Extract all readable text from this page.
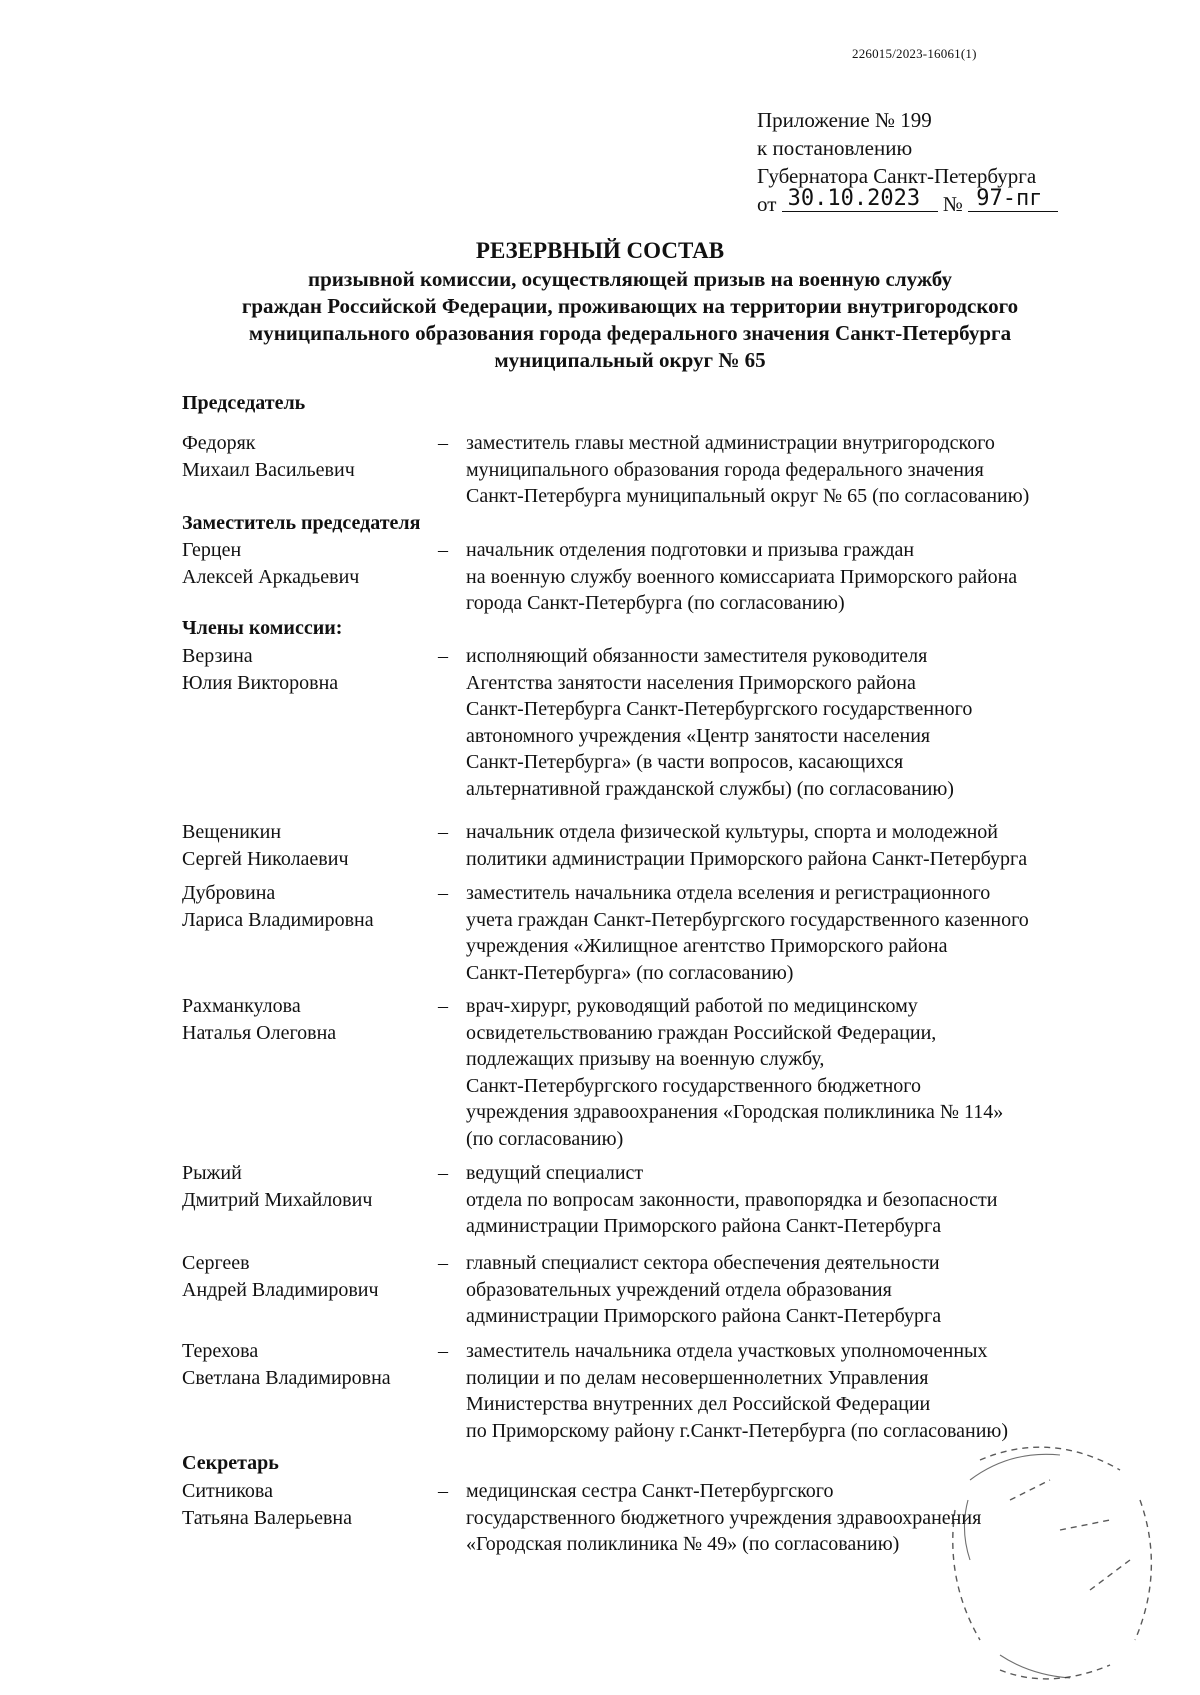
226015/2023-16061(1)
Приложение № 199
к постановлению
Губернатора Санкт-Петербурга
от 30.10.2023 № 97-пг
РЕЗЕРВНЫЙ СОСТАВ
призывной комиссии, осуществляющей призыв на военную службу
граждан Российской Федерации, проживающих на территории внутригородского
муниципального образования города федерального значения Санкт-Петербурга
муниципальный округ № 65
Председатель
Федоряк
Михаил Васильевич
– заместитель главы местной администрации внутригородского
муниципального образования города федерального значения
Санкт-Петербурга муниципальный округ № 65 (по согласованию)
Заместитель председателя
Герцен
Алексей Аркадьевич
– начальник отделения подготовки и призыва граждан
на военную службу военного комиссариата Приморского района
города Санкт-Петербурга (по согласованию)
Члены комиссии:
Верзина
Юлия Викторовна
– исполняющий обязанности заместителя руководителя
Агентства занятости населения Приморского района
Санкт-Петербурга Санкт-Петербургского государственного
автономного учреждения «Центр занятости населения
Санкт-Петербурга» (в части вопросов, касающихся
альтернативной гражданской службы) (по согласованию)
Вещеникин
Сергей Николаевич
– начальник отдела физической культуры, спорта и молодежной
политики администрации Приморского района Санкт-Петербурга
Дубровина
Лариса Владимировна
– заместитель начальника отдела вселения и регистрационного
учета граждан Санкт-Петербургского государственного казенного
учреждения «Жилищное агентство Приморского района
Санкт-Петербурга» (по согласованию)
Рахманкулова
Наталья Олеговна
– врач-хирург, руководящий работой по медицинскому
освидетельствованию граждан Российской Федерации,
подлежащих призыву на военную службу,
Санкт-Петербургского государственного бюджетного
учреждения здравоохранения «Городская поликлиника № 114»
(по согласованию)
Рыжий
Дмитрий Михайлович
– ведущий специалист
отдела по вопросам законности, правопорядка и безопасности
администрации Приморского района Санкт-Петербурга
Сергеев
Андрей Владимирович
– главный специалист сектора обеспечения деятельности
образовательных учреждений отдела образования
администрации Приморского района Санкт-Петербурга
Терехова
Светлана Владимировна
– заместитель начальника отдела участковых уполномоченных
полиции и по делам несовершеннолетних Управления
Министерства внутренних дел Российской Федерации
по Приморскому району г.Санкт-Петербурга (по согласованию)
Секретарь
Ситникова
Татьяна Валерьевна
– медицинская сестра Санкт-Петербургского
государственного бюджетного учреждения здравоохранения
«Городская поликлиника № 49» (по согласованию)
